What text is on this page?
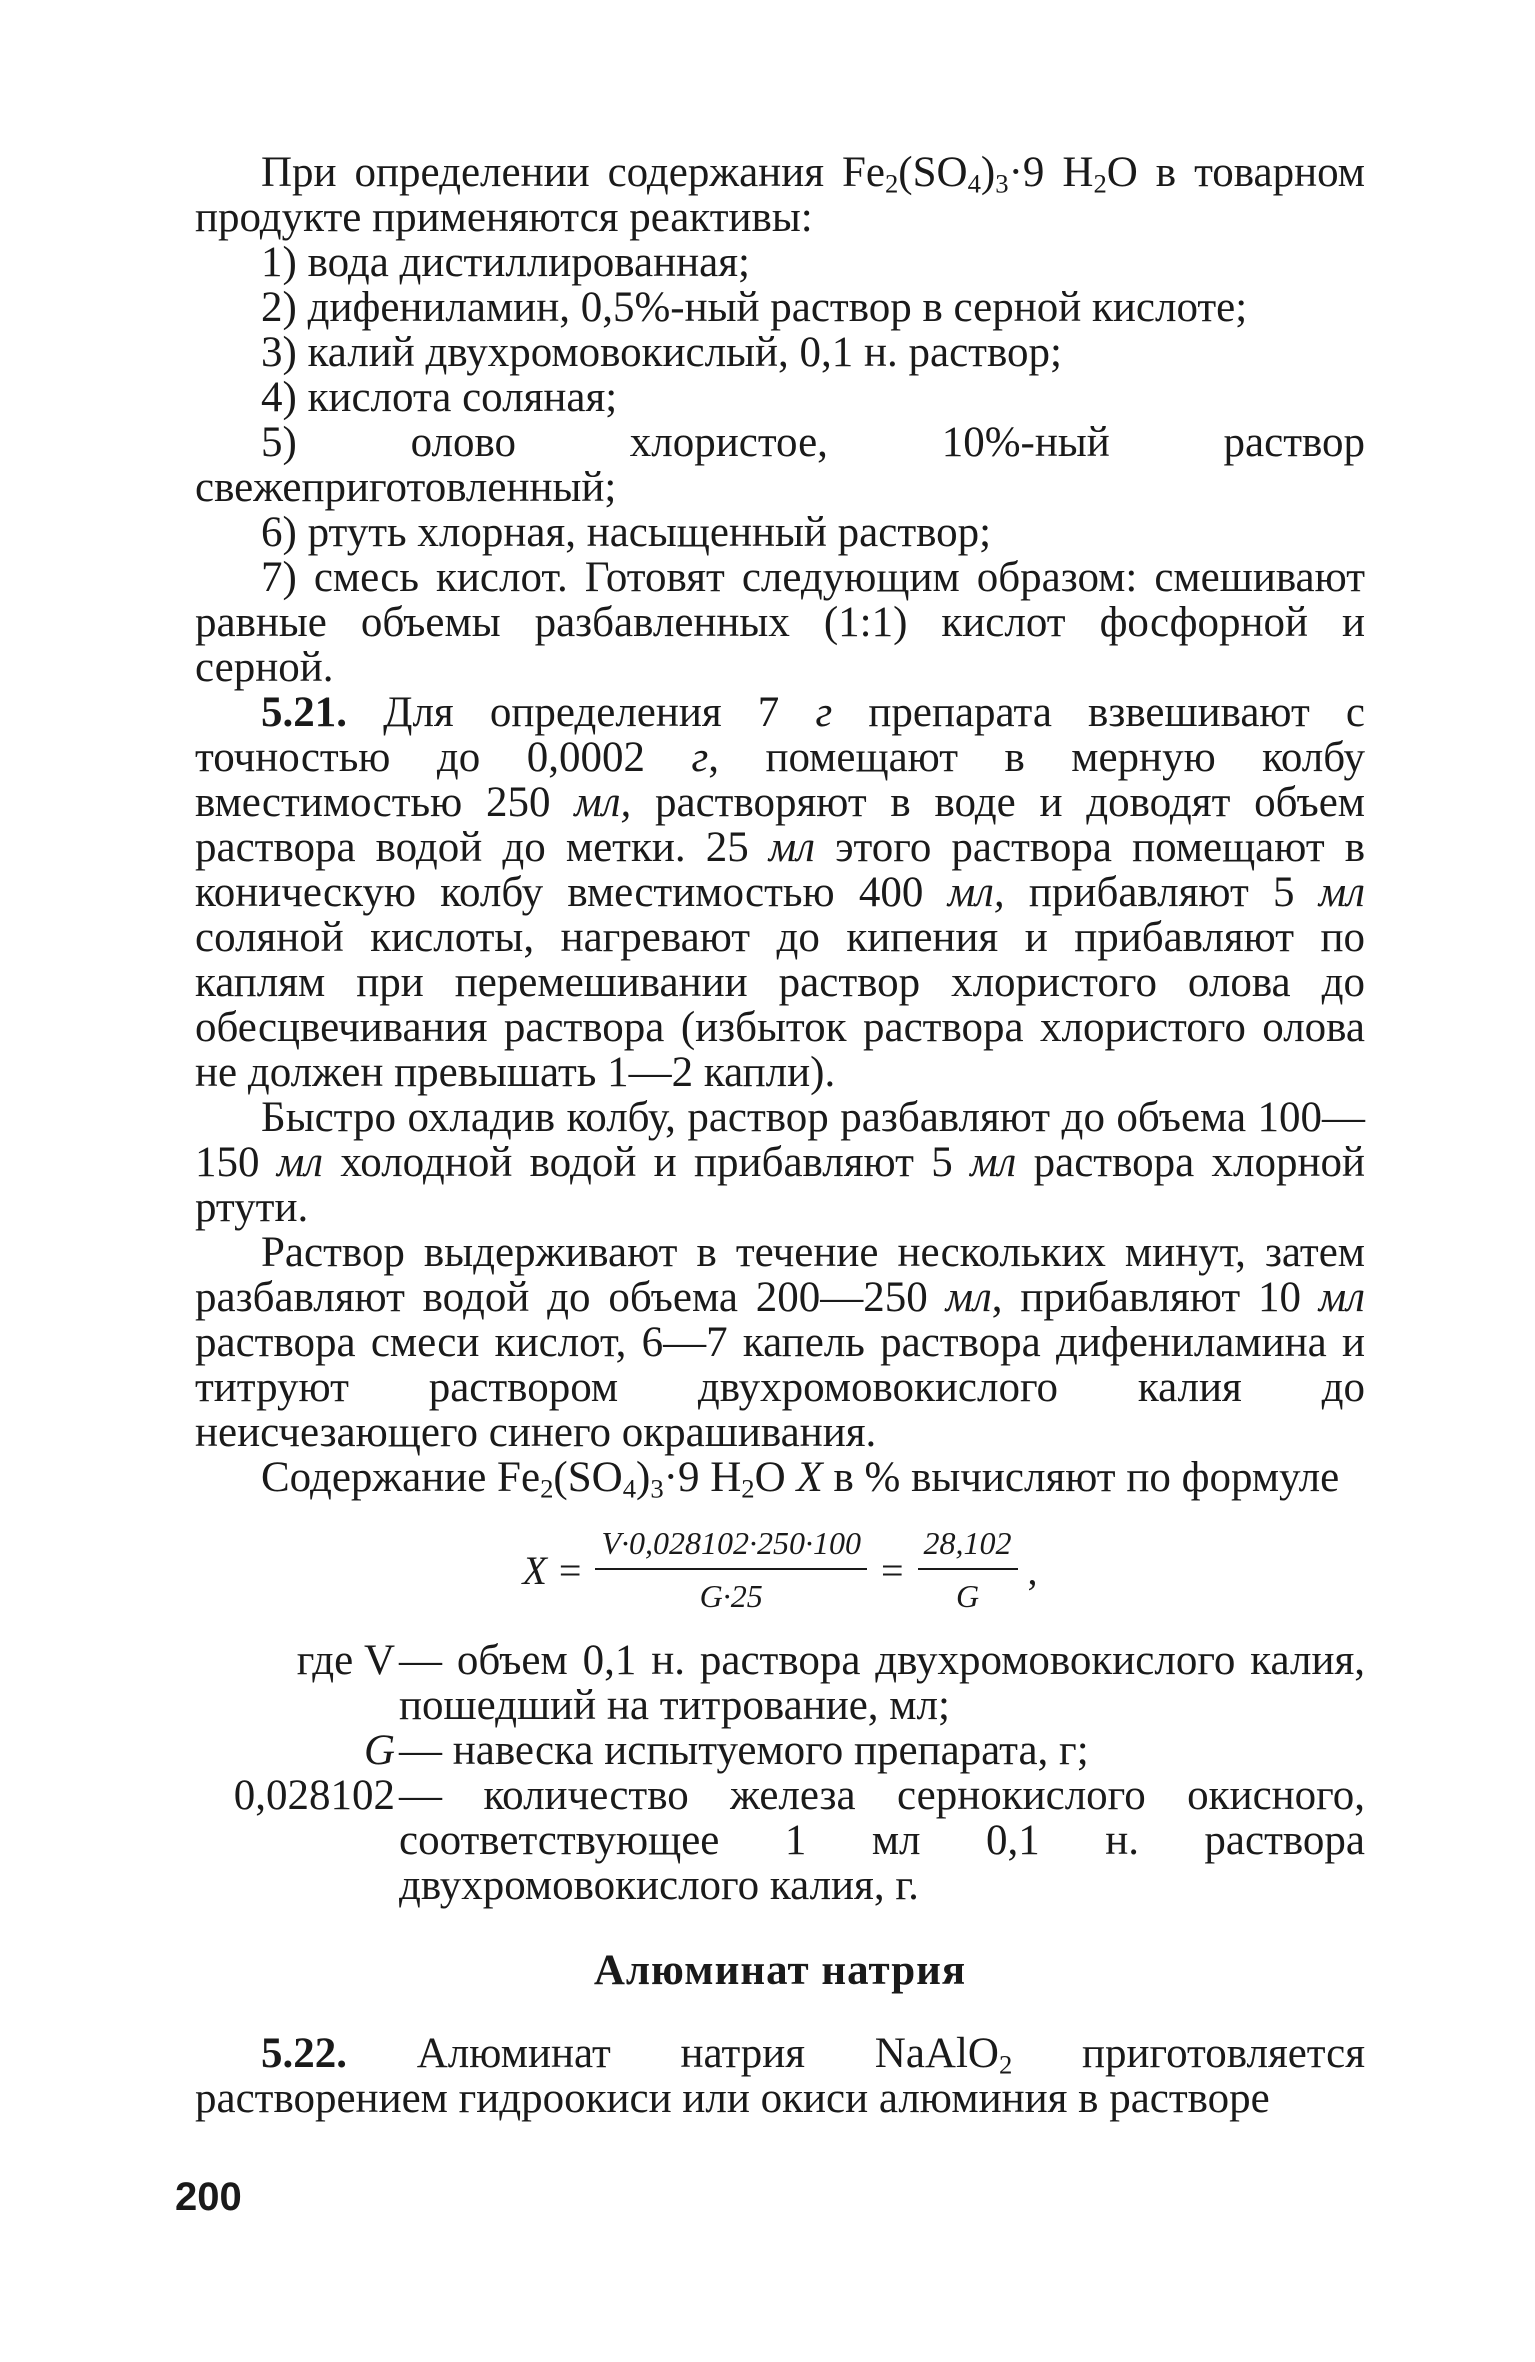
При определении содержания $Fe_2(SO_4)_3\cdot 9$ $H_2O$ в товарном продукте применяются реактивы:

1) вода дистиллированная;

2) дифениламин, 0,5%-ный раствор в серной кислоте;

3) калий двухромовокислый, 0,1 н. раствор;

4) кислота соляная;

5) олово хлористое, 10%-ный раствор свежеприготовленный;

6) ртуть хлорная, насыщенный раствор;

7) смесь кислот. Готовят следующим образом: смешивают равные объемы разбавленных (1:1) кислот фосфорной и серной.

5.21. Для определения 7 г препарата взвешивают с точностью до 0,0002 г, помещают в мерную колбу вместимостью 250 мл, растворяют в воде и доводят объем раствора водой до метки. 25 мл этого раствора помещают в коническую колбу вместимостью 400 мл, прибавляют 5 мл соляной кислоты, нагревают до кипения и прибавляют по каплям при перемешивании раствор хлористого олова до обесцвечивания раствора (избыток раствора хлористого олова не должен превышать 1—2 капли).

Быстро охладив колбу, раствор разбавляют до объема 100—150 мл холодной водой и прибавляют 5 мл раствора хлорной ртути.

Раствор выдерживают в течение нескольких минут, затем разбавляют водой до объема 200—250 мл, прибавляют 10 мл раствора смеси кислот, 6—7 капель раствора дифениламина и титруют раствором двухромовокислого калия до неисчезающего синего окрашивания.

Содержание $Fe_2(SO_4)_3\cdot 9$ $H_2O$ X в % вычисляют по формуле

$X = \frac{V\cdot 0,028102\cdot 250\cdot 100}{G\cdot 25} = \frac{28,102}{G}$ ,
где V — объем 0,1 н. раствора двухромовокислого калия, пошедший на титрование, мл;
G — навеска испытуемого препарата, г;
0,028102 — количество железа сернокислого окисного, соответствующее 1 мл 0,1 н. раствора двухромовокислого калия, г.
Алюминат натрия

5.22. Алюминат натрия NaAlO$_2$ приготовляется растворением гидроокиси или окиси алюминия в растворе

200
